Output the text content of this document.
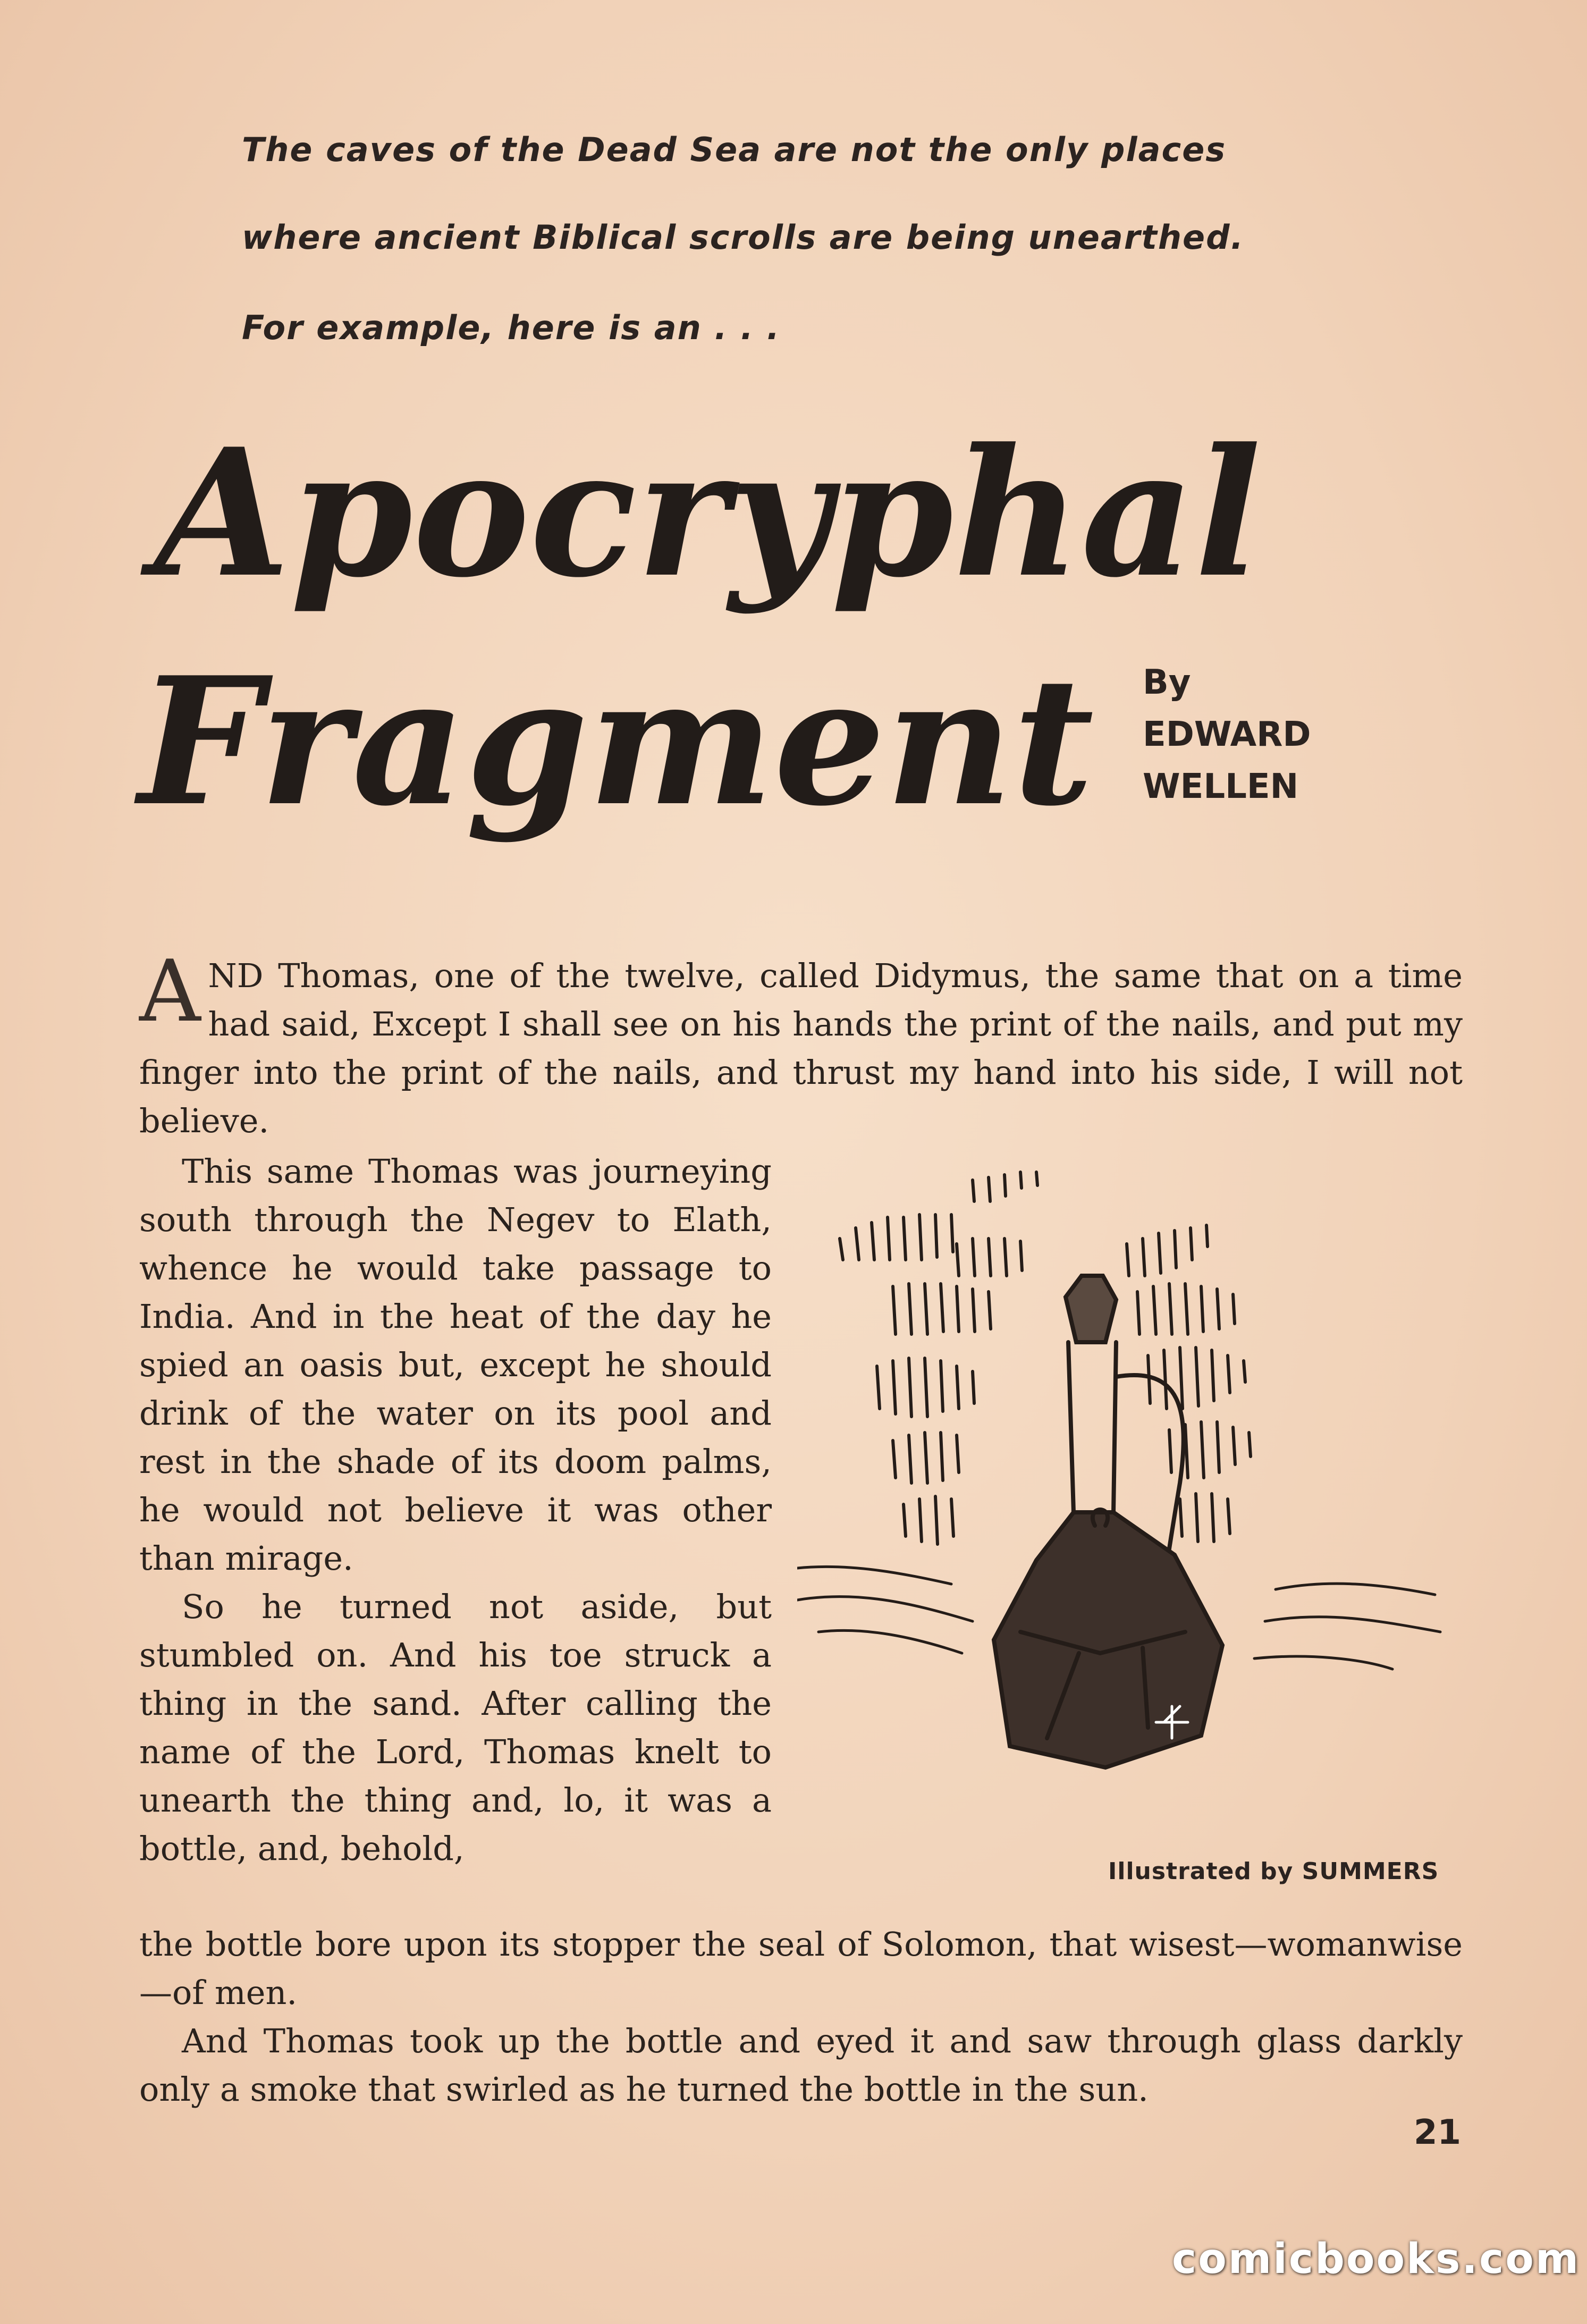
The caves of the Dead Sea are not the only places
where ancient Biblical scrolls are being unearthed.
For example, here is an . . .
Apocryphal
Fragment By
EDWARD
WELLEN

AND Thomas, one of the twelve, called Didymus, the same that on a time had said, Except I shall see on his hands the print of the nails, and put my finger into the print of the nails, and thrust my hand into his side, I will not believe.

This same Thomas was journeying south through the Negev to Elath, whence he would take passage to India. And in the heat of the day he spied an oasis but, except he should drink of the water on its pool and rest in the shade of its doom palms, he would not believe it was other than mirage.

So he turned not aside, but stumbled on. And his toe struck a thing in the sand. After calling the name of the Lord, Thomas knelt to unearth the thing and, lo, it was a bottle, and, behold,

the bottle bore upon its stopper the seal of Solomon, that wisest—womanwise—of men.

And Thomas took up the bottle and eyed it and saw through glass darkly only a smoke that swirled as he turned the bottle in the sun.

Illustrated by SUMMERS
21
comicbooks.com
